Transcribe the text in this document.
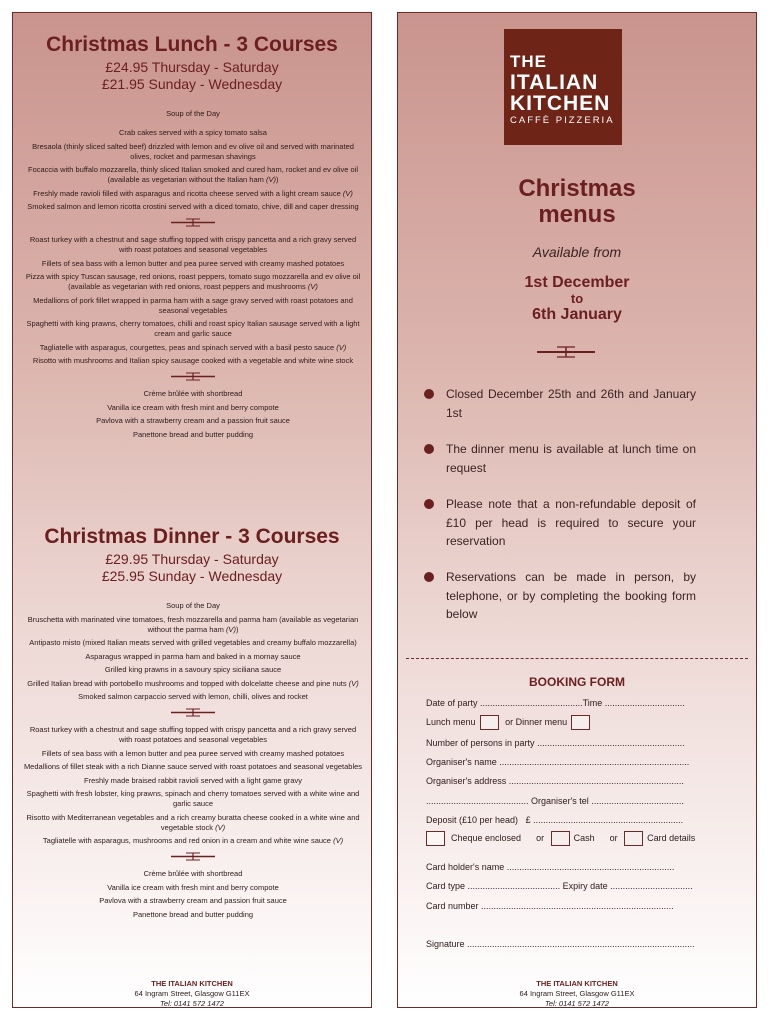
Christmas Lunch - 3 Courses
£24.95 Thursday - Saturday
£21.95 Sunday - Wednesday
Soup of the Day
Crab cakes served with a spicy tomato salsa
Bresaola (thinly sliced salted beef) drizzled with lemon and ev olive oil and served with marinated olives, rocket and parmesan shavings
Focaccia with buffalo mozzarella, thinly sliced Italian smoked and cured ham, rocket and ev olive oil
(available as vegetarian without the Italian ham (V))
Freshly made ravioli filled with asparagus and ricotta cheese served with a light cream sauce (V)
Smoked salmon and lemon ricotta crostini served with a diced tomato, chive, dill and caper dressing
Roast turkey with a chestnut and sage stuffing topped with crispy pancetta and a rich gravy served with roast potatoes and seasonal vegetables
Fillets of sea bass with a lemon butter and pea puree served with creamy mashed potatoes
Pizza with spicy Tuscan sausage, red onions, roast peppers, tomato sugo mozzarella and ev olive oil
(available as vegetarian with red onions, roast peppers and mushrooms (V)
Medallions of pork fillet wrapped in parma ham with a sage gravy served with roast potatoes and seasonal vegetables
Spaghetti with king prawns, cherry tomatoes, chilli and roast spicy Italian sausage served with a light cream and garlic sauce
Tagliatelle with asparagus, courgettes, peas and spinach served with a basil pesto sauce (V)
Risotto with mushrooms and Italian spicy sausage cooked with a vegetable and white wine stock
Crème brûlée with shortbread
Vanilla ice cream with fresh mint and berry compote
Pavlova with a strawberry cream and a passion fruit sauce
Panettone bread and butter pudding
Christmas Dinner - 3 Courses
£29.95 Thursday - Saturday
£25.95 Sunday - Wednesday
Soup of the Day
Bruschetta with marinated vine tomatoes, fresh mozzarella and parma ham (available as vegetarian without the parma ham (V))
Antipasto misto (mixed Italian meats served with grilled vegetables and creamy buffalo mozzarella)
Asparagus wrapped in parma ham and baked in a mornay sauce
Grilled king prawns in a savoury spicy siciliana sauce
Grilled Italian bread with portobello mushrooms and topped with dolcelatte cheese and pine nuts (V)
Smoked salmon carpaccio served with lemon, chilli, olives and rocket
Roast turkey with a chestnut and sage stuffing topped with crispy pancetta and a rich gravy served with roast potatoes and seasonal vegetables
Fillets of sea bass with a lemon butter and pea puree served with creamy mashed potatoes
Medallions of fillet steak with a rich Dianne sauce served with roast potatoes and seasonal vegetables
Freshly made braised rabbit ravioli served with a light game gravy
Spaghetti with fresh lobster, king prawns, spinach and cherry tomatoes served with a white wine and garlic sauce
Risotto with Mediterranean vegetables and a rich creamy buratta cheese cooked in a white wine and vegetable stock (V)
Tagliatelle with asparagus, mushrooms and red onion in a cream and white wine sauce (V)
Crème brûlée with shortbread
Vanilla ice cream with fresh mint and berry compote
Pavlova with a strawberry cream and passion fruit sauce
Panettone bread and butter pudding
THE ITALIAN KITCHEN
64 Ingram Street, Glasgow G11EX
Tel: 0141 572 1472
THE
ITALIAN
KITCHEN
CAFFÈ PIZZERIA
Christmas
menus
Available from
1st December
to
6th January
Closed December 25th and 26th and January 1st
The dinner menu is available at lunch time on request
Please note that a non-refundable deposit of £10 per head is required to secure your reservation
Reservations can be made in person, by telephone, or by completing the booking form below
BOOKING FORM
Date of party .........................................Time ................................
Lunch menu	or Dinner menu
Number of persons in party ...........................................................
Organiser's name ............................................................................
Organiser's address ......................................................................
......................................... Organiser's tel .....................................
Deposit (£10 per head) £ ............................................................
Cheque enclosed or	Cash or	Card details
Card holder's name ...................................................................
Card type ..................................... Expiry date .................................
Card number .............................................................................
Signature ...........................................................................................
THE ITALIAN KITCHEN
64 Ingram Street, Glasgow G11EX
Tel: 0141 572 1472
